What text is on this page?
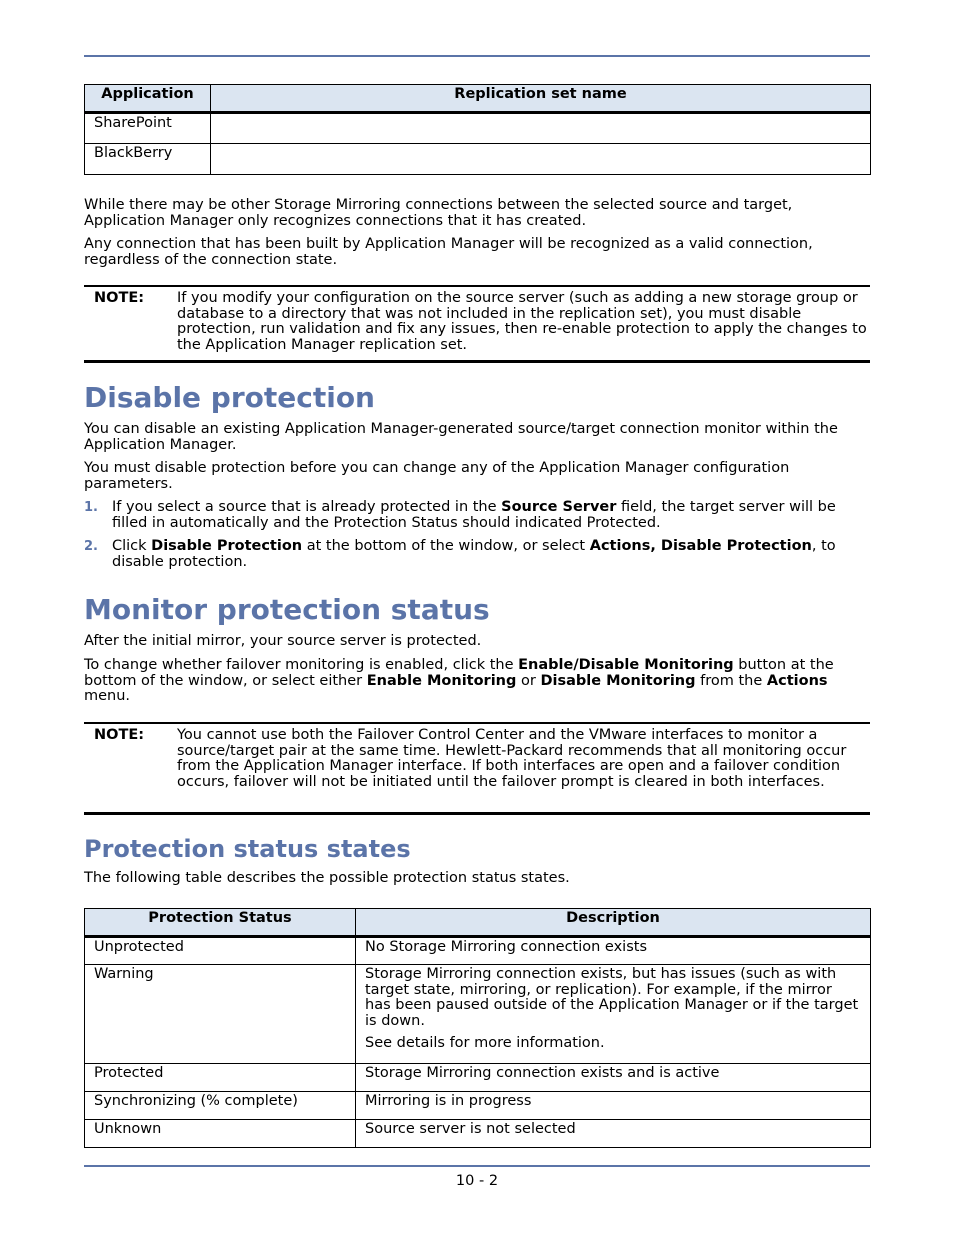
Application	Replication set name
SharePoint	
BlackBerry	

While there may be other Storage Mirroring connections between the selected source and target, Application Manager only recognizes connections that it has created.

Any connection that has been built by Application Manager will be recognized as a valid connection, regardless of the connection state.

NOTE: If you modify your configuration on the source server (such as adding a new storage group or database to a directory that was not included in the replication set), you must disable protection, run validation and fix any issues, then re-enable protection to apply the changes to the Application Manager replication set.

Disable protection

You can disable an existing Application Manager-generated source/target connection monitor within the Application Manager.

You must disable protection before you can change any of the Application Manager configuration parameters.

1. If you select a source that is already protected in the Source Server field, the target server will be filled in automatically and the Protection Status should indicated Protected.

2. Click Disable Protection at the bottom of the window, or select Actions, Disable Protection, to disable protection.

Monitor protection status

After the initial mirror, your source server is protected.

To change whether failover monitoring is enabled, click the Enable/Disable Monitoring button at the bottom of the window, or select either Enable Monitoring or Disable Monitoring from the Actions menu.

NOTE: You cannot use both the Failover Control Center and the VMware interfaces to monitor a source/target pair at the same time. Hewlett-Packard recommends that all monitoring occur from the Application Manager interface. If both interfaces are open and a failover condition occurs, failover will not be initiated until the failover prompt is cleared in both interfaces.

Protection status states

The following table describes the possible protection status states.

Protection Status	Description
Unprotected	No Storage Mirroring connection exists
Warning	Storage Mirroring connection exists, but has issues (such as with target state, mirroring, or replication). For example, if the mirror has been paused outside of the Application Manager or if the target is down.
See details for more information.

Protected	Storage Mirroring connection exists and is active
Synchronizing (% complete)	Mirroring is in progress
Unknown	Source server is not selected
10 - 2
